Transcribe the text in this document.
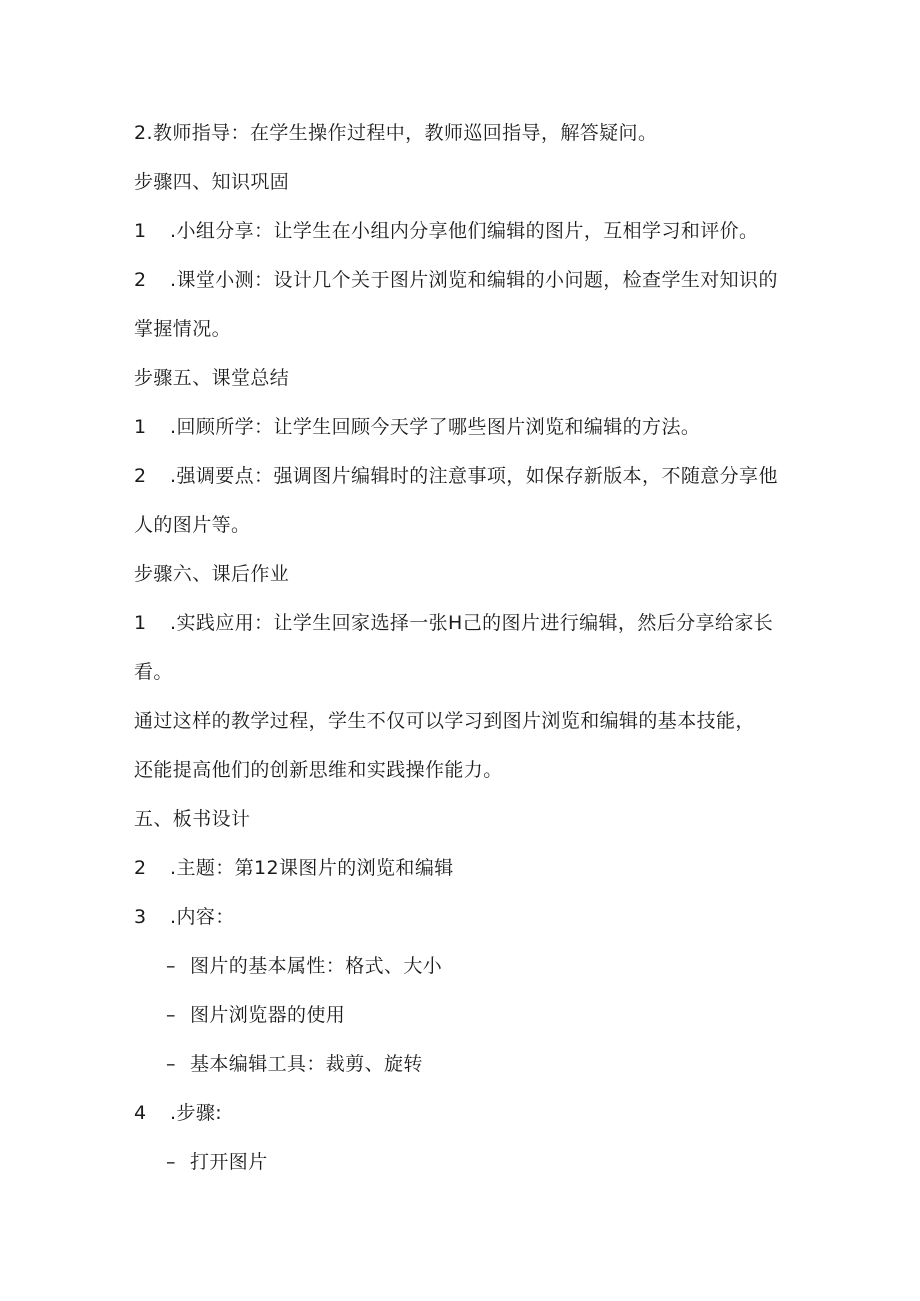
2.教师指导：在学生操作过程中，教师巡回指导，解答疑问。
步骤四、知识巩固
1 .小组分享：让学生在小组内分享他们编辑的图片，互相学习和评价。
2 .课堂小测：设计几个关于图片浏览和编辑的小问题，检查学生对知识的
掌握情况。
步骤五、课堂总结
1 .回顾所学：让学生回顾今天学了哪些图片浏览和编辑的方法。
2 .强调要点：强调图片编辑时的注意事项，如保存新版本，不随意分享他
人的图片等。
步骤六、课后作业
1 .实践应用：让学生回家选择一张H己的图片进行编辑，然后分享给家长
看。
通过这样的教学过程，学生不仅可以学习到图片浏览和编辑的基本技能，
还能提高他们的创新思维和实践操作能力。
五、板书设计
2 .主题：第12课图片的浏览和编辑
3 .内容：
– 图片的基本属性：格式、大小
– 图片浏览器的使用
– 基本编辑工具：裁剪、旋转
4 .步骤:
– 打开图片
